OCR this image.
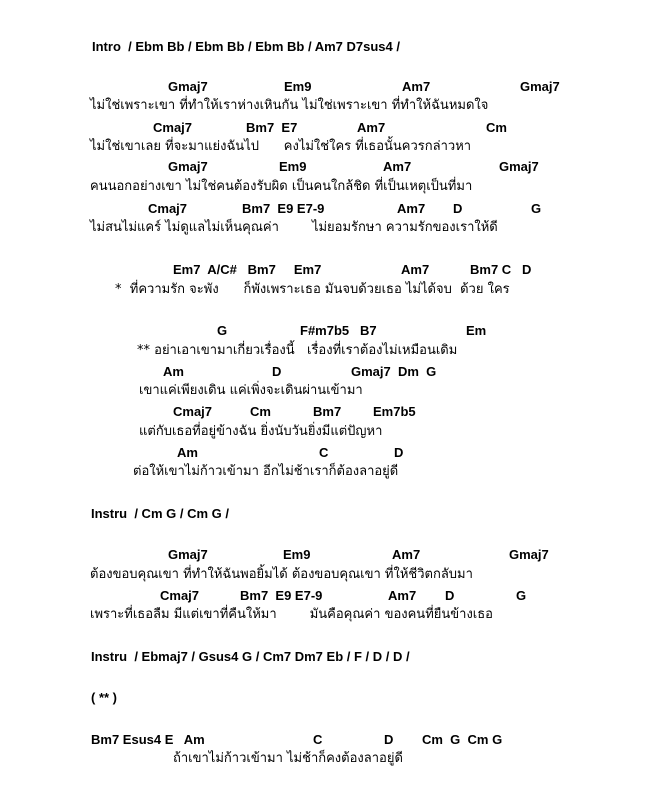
Intro  / Ebm Bb / Ebm Bb / Ebm Bb / Am7 D7sus4 /
Gmaj7	Em9	Am7	Gmaj7
ไม่ใช่เพราะเขา ที่ทำให้เราห่างเหินกัน ไม่ใช่เพราะเขา ที่ทำให้ฉันหมดใจ
Cmaj7	Bm7  E7	Am7	Cm
ไม่ใช่เขาเลย ที่จะมาแย่งฉันไป      คงไม่ใช่ใคร ที่เธอนั้นควรกล่าวหา
Gmaj7	Em9	Am7	Gmaj7
คนนอกอย่างเขา ไม่ใช่คนต้องรับผิด เป็นคนใกล้ชิด ที่เป็นเหตุเป็นที่มา
Cmaj7	Bm7  E9 E7-9	Am7 D	G
ไม่สนไม่แคร์ ไม่ดูแลไม่เห็นคุณค่า        ไม่ยอมรักษา ความรักของเราให้ดี
Em7  A/C#   Bm7     Em7	Am7	Bm7 C   D
*  ที่ความรัก จะพัง      ก็พังเพราะเธอ มันจบด้วยเธอ ไม่ได้จบ  ด้วย ใคร
G	F#m7b5   B7	Em
** อย่าเอาเขามาเกี่ยวเรื่องนี้   เรื่องที่เราต้องไม่เหมือนเดิม
Am	D	Gmaj7  Dm  G
เขาแค่เพียงเดิน แค่เพิ่งจะเดินผ่านเข้ามา
Cmaj7	Cm	Bm7 Em7b5
แต่กับเธอที่อยู่ข้างฉัน ยิ่งนับวันยิ่งมีแต่ปัญหา
Am	C	D
ต่อให้เขาไม่ก้าวเข้ามา อีกไม่ช้าเราก็ต้องลาอยู่ดี
Instru  / Cm G / Cm G /
Gmaj7	Em9	Am7	Gmaj7
ต้องขอบคุณเขา ที่ทำให้ฉันพอยิ้มได้ ต้องขอบคุณเขา ที่ให้ชีวิตกลับมา
Cmaj7	Bm7  E9 E7-9	Am7 D	G
เพราะที่เธอลืม มีแต่เขาที่คืนให้มา        มันคือคุณค่า ของคนที่ยืนข้างเธอ
Instru  / Ebmaj7 / Gsus4 G / Cm7 Dm7 Eb / F / D / D /
( ** )
Bm7 Esus4 E   Am	C	D Cm  G  Cm G
ถ้าเขาไม่ก้าวเข้ามา ไม่ช้าก็คงต้องลาอยู่ดี
